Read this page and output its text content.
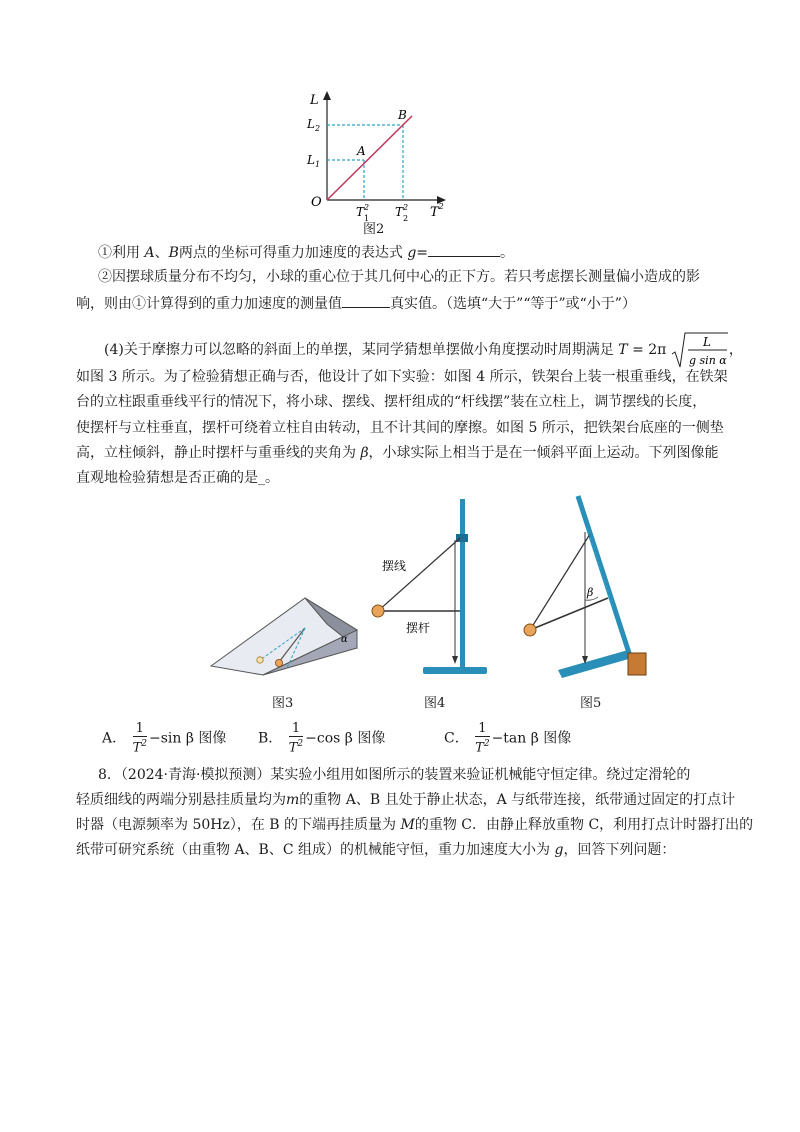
L
O
A
B
$L_2$
$L_1$
$T^2$
1 $T^2$
2 $T^2$
图2
①利用 A、B两点的坐标可得重力加速度的表达式 g=	。
②因摆球质量分布不均匀，小球的重心位于其几何中心的正下方。若只考虑摆长测量偏小造成的影
响，则由①计算得到的重力加速度的测量值	真实值。（选填“大于”“等于”或“小于”）
(4)关于摩擦力可以忽略的斜面上的单摆，某同学猜想单摆做小角度摆动时周期满足 T = 2π	L
g sin α
，
如图 3 所示。为了检验猜想正确与否，他设计了如下实验：如图 4 所示，铁架台上装一根重垂线，在铁架
台的立柱跟重垂线平行的情况下，将小球、摆线、摆杆组成的“杆线摆”装在立柱上，调节摆线的长度，
使摆杆与立柱垂直，摆杆可绕着立柱自由转动，且不计其间的摩擦。如图 5 所示，把铁架台底座的一侧垫
高，立柱倾斜，静止时摆杆与重垂线的夹角为 β，小球实际上相当于是在一倾斜平面上运动。下列图像能
直观地检验猜想是否正确的是_。
α
图3
摆线
摆杆
图4
β
图5
A． $\frac{1}{T^2} -\sin$ β 图像 B． $\frac{1}{T^2} -\cos$ β 图像	C． $\frac{1}{T^2} -\tan$ β 图像
8．（2024·青海·模拟预测）某实验小组用如图所示的装置来验证机械能守恒定律。绕过定滑轮的
轻质细线的两端分别悬挂质量均为m的重物 A、B 且处于静止状态，A 与纸带连接，纸带通过固定的打点计
时器（电源频率为 50Hz），在 B 的下端再挂质量为 M的重物 C．由静止释放重物 C，利用打点计时器打出的
纸带可研究系统（由重物 A、B、C 组成）的机械能守恒，重力加速度大小为 g，回答下列问题：
